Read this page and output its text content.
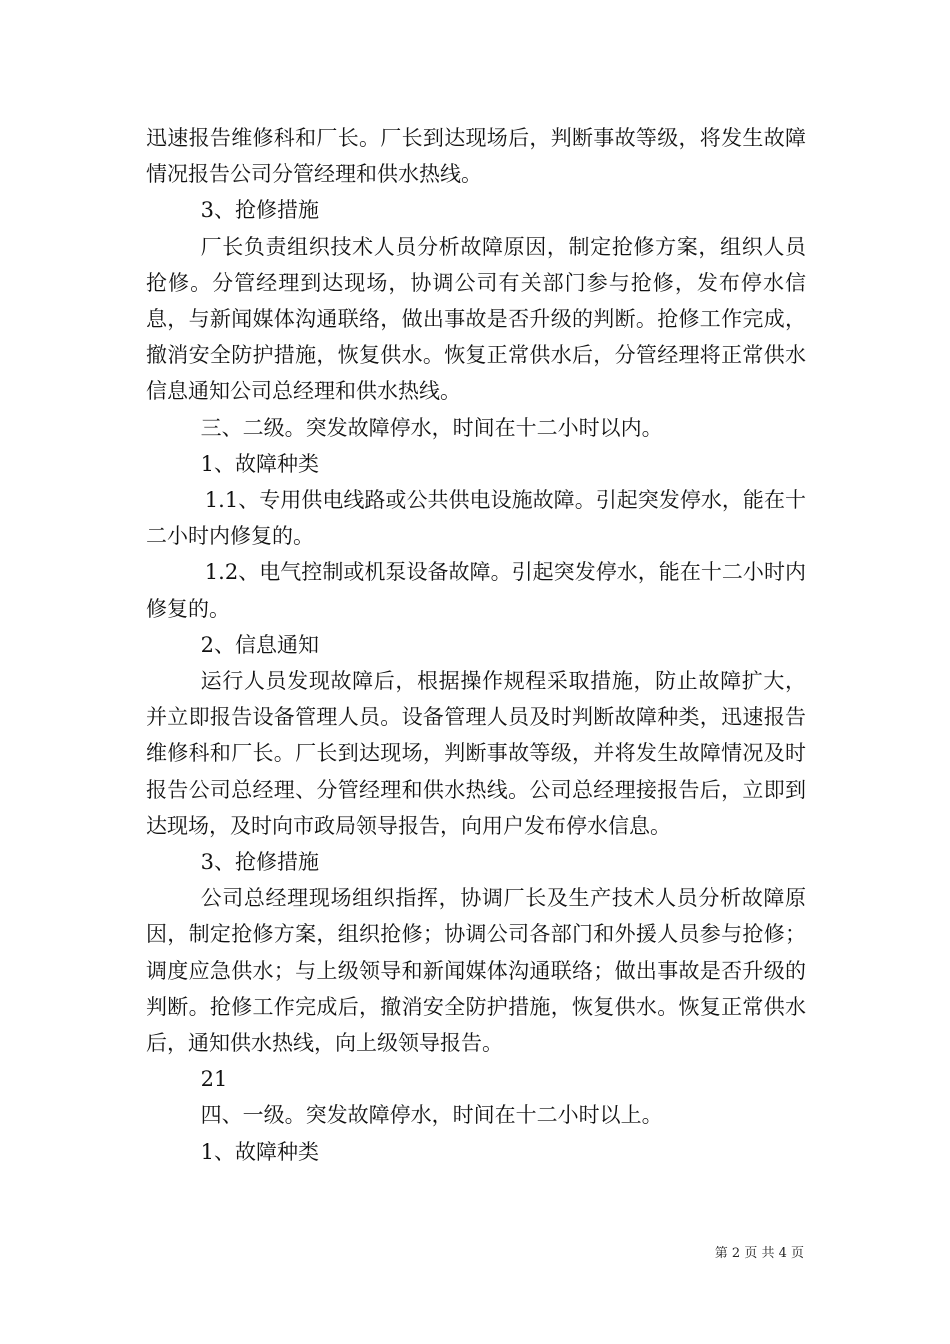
迅速报告维修科和厂长。厂长到达现场后，判断事故等级，将发生故障情况报告公司分管经理和供水热线。

3、抢修措施

厂长负责组织技术人员分析故障原因，制定抢修方案，组织人员抢修。分管经理到达现场，协调公司有关部门参与抢修，发布停水信息，与新闻媒体沟通联络，做出事故是否升级的判断。抢修工作完成，撤消安全防护措施，恢复供水。恢复正常供水后，分管经理将正常供水信息通知公司总经理和供水热线。

三、二级。突发故障停水，时间在十二小时以内。

1、故障种类

1.1、专用供电线路或公共供电设施故障。引起突发停水，能在十二小时内修复的。

1.2、电气控制或机泵设备故障。引起突发停水，能在十二小时内修复的。

2、信息通知

运行人员发现故障后，根据操作规程采取措施，防止故障扩大，并立即报告设备管理人员。设备管理人员及时判断故障种类，迅速报告维修科和厂长。厂长到达现场，判断事故等级，并将发生故障情况及时报告公司总经理、分管经理和供水热线。公司总经理接报告后，立即到达现场，及时向市政局领导报告，向用户发布停水信息。

3、抢修措施

公司总经理现场组织指挥，协调厂长及生产技术人员分析故障原因，制定抢修方案，组织抢修；协调公司各部门和外援人员参与抢修；调度应急供水；与上级领导和新闻媒体沟通联络；做出事故是否升级的判断。抢修工作完成后，撤消安全防护措施，恢复供水。恢复正常供水后，通知供水热线，向上级领导报告。

21

四、一级。突发故障停水，时间在十二小时以上。

1、故障种类

第 2 页 共 4 页
